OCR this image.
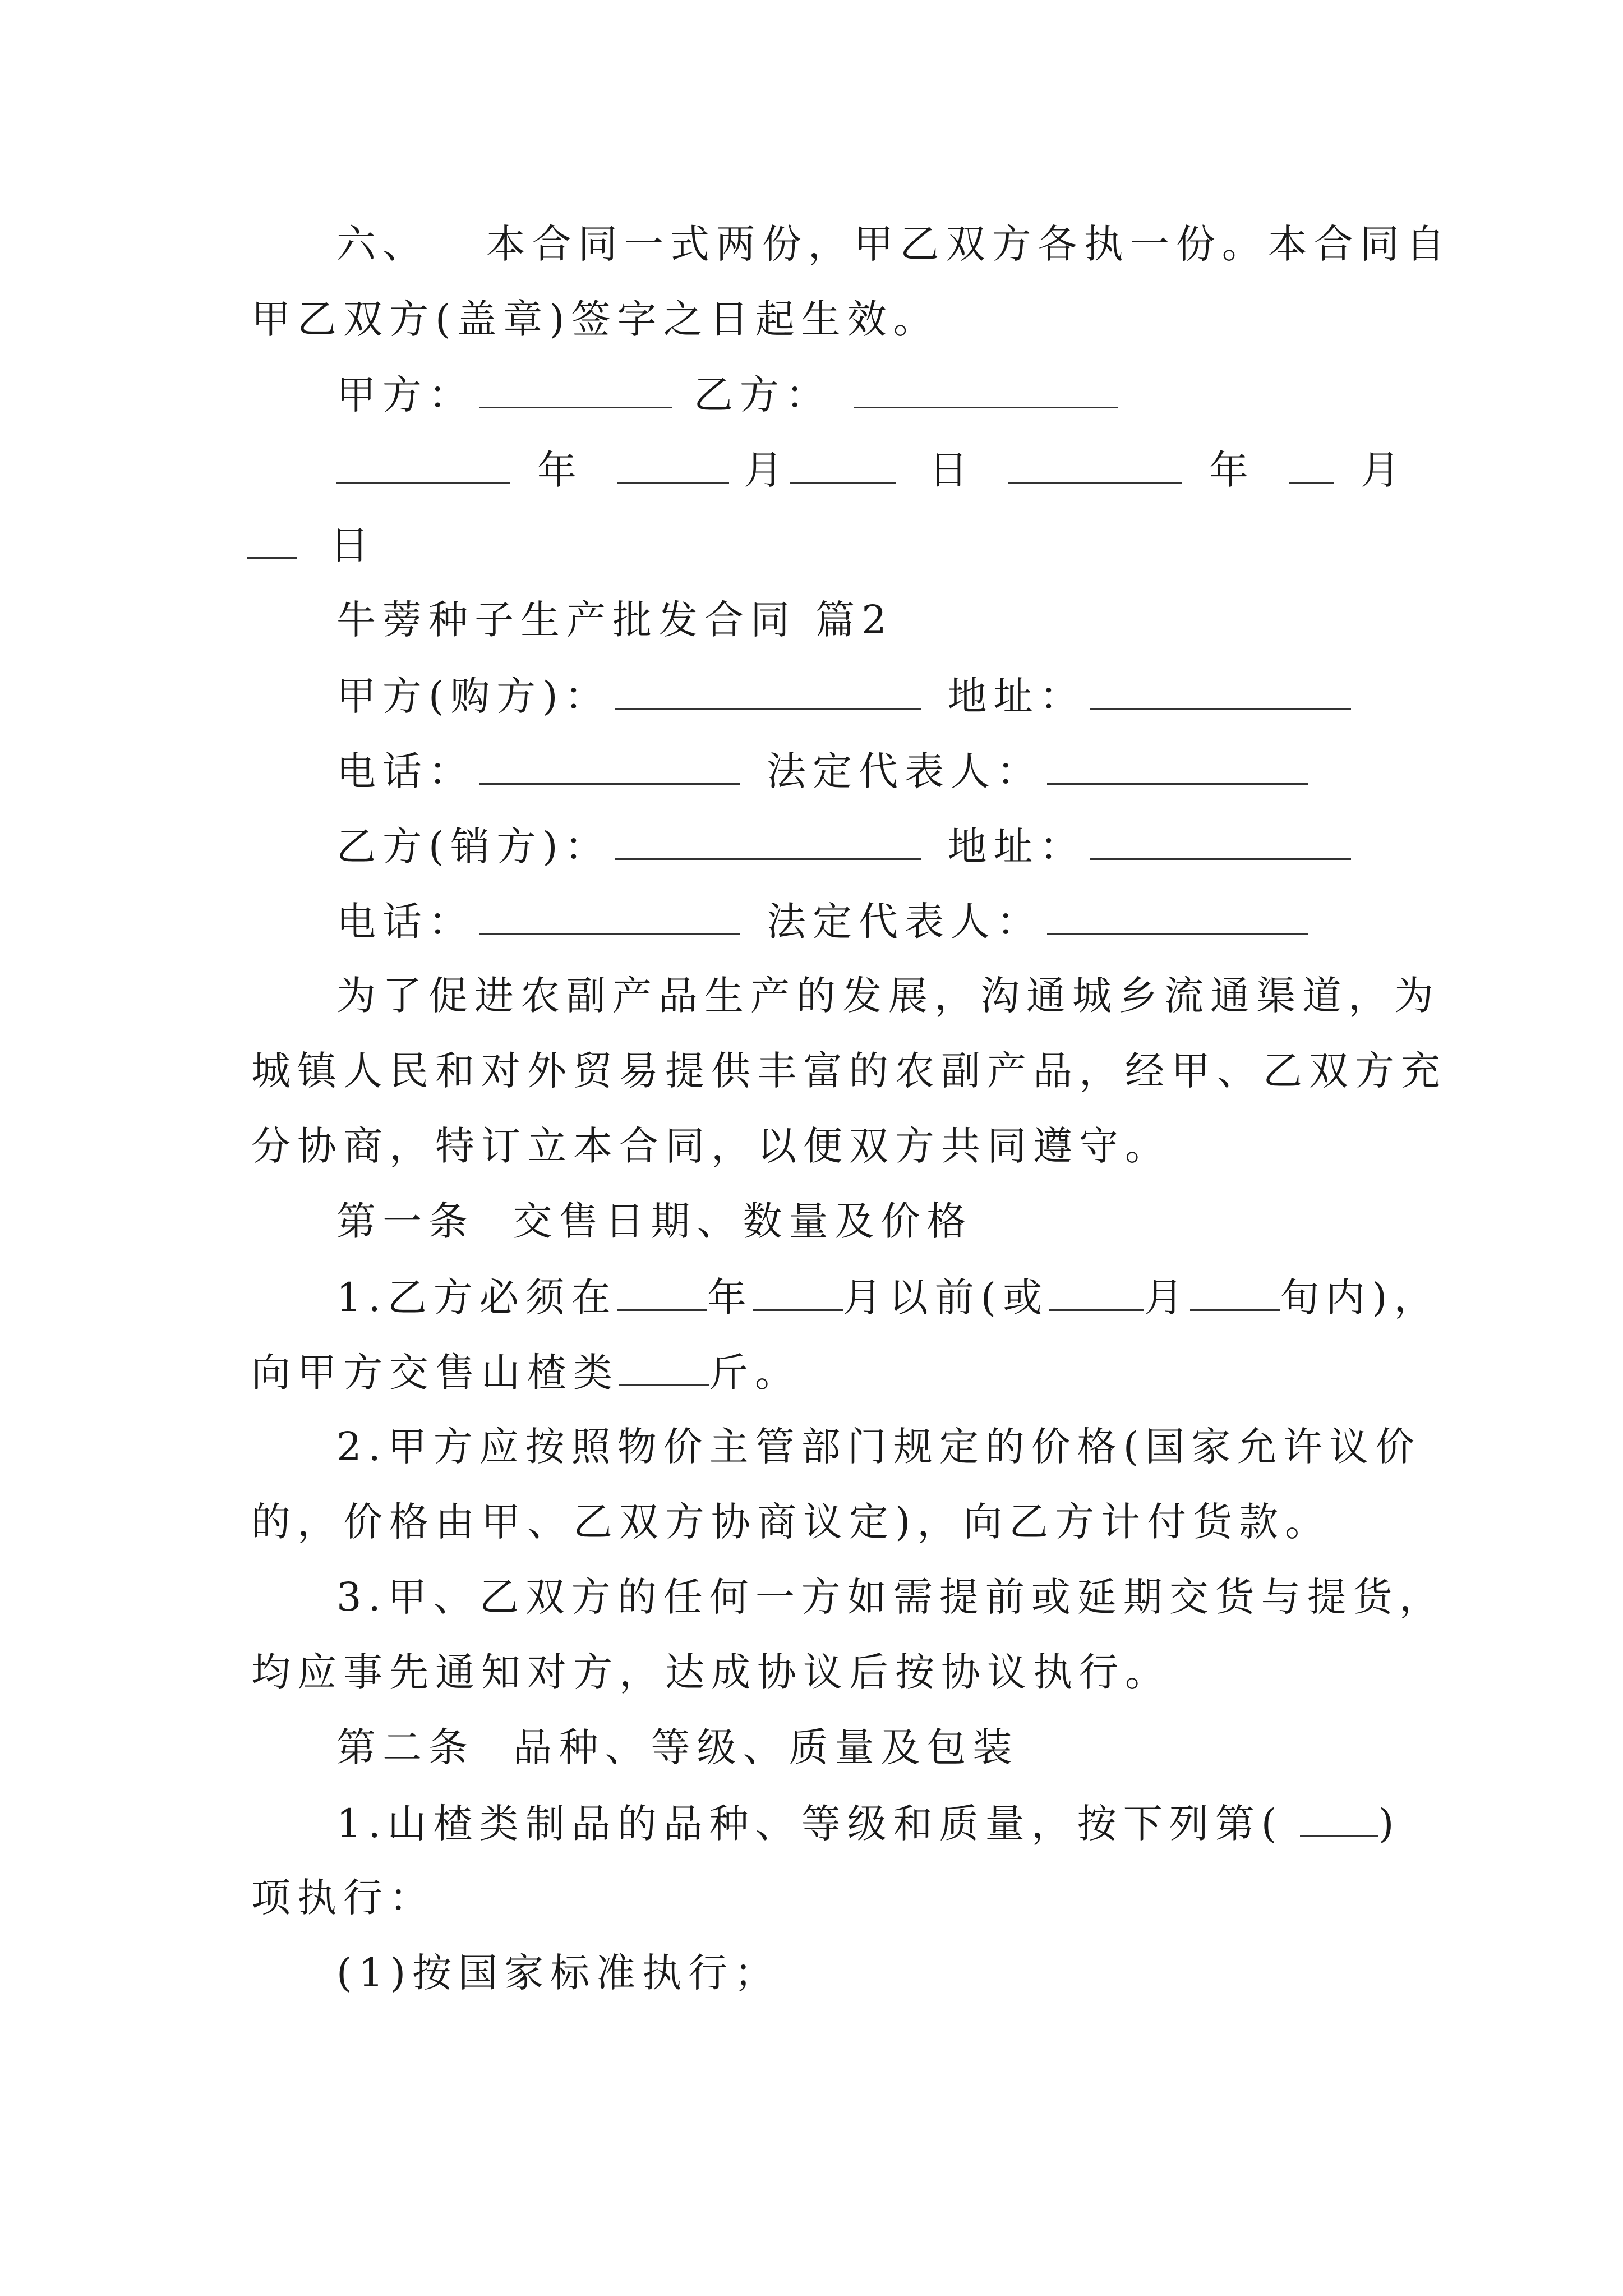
六、   本合同一式两份，甲乙双方各执一份。本合同自
甲乙双方(盖章)签字之日起生效。
甲方：	乙方：
年	月	日	年	月
日
牛蒡种子生产批发合同 篇2
甲方(购方)：	地址：
电话：	法定代表人：
乙方(销方)：	地址：
电话：	法定代表人：
为了促进农副产品生产的发展，沟通城乡流通渠道，为
城镇人民和对外贸易提供丰富的农副产品，经甲、乙双方充
分协商，特订立本合同，以便双方共同遵守。
第一条  交售日期、数量及价格
1.乙方必须在 年 月以前(或 月 旬内)，
向甲方交售山楂类 斤。
2.甲方应按照物价主管部门规定的价格(国家允许议价
的，价格由甲、乙双方协商议定)，向乙方计付货款。
3.甲、乙双方的任何一方如需提前或延期交货与提货，
均应事先通知对方，达成协议后按协议执行。
第二条  品种、等级、质量及包装
1.山楂类制品的品种、等级和质量，按下列第( )
项执行：
(1)按国家标准执行；
